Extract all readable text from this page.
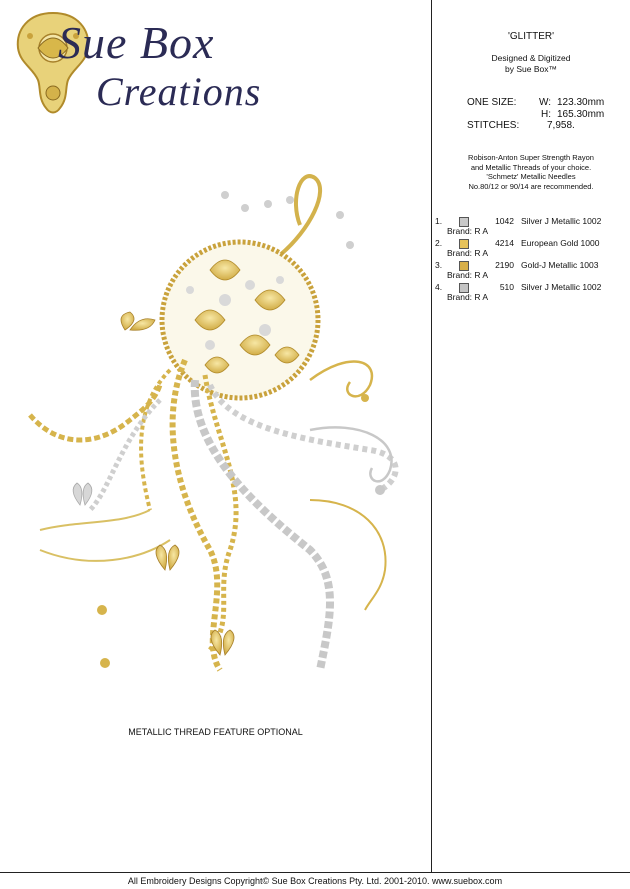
Sue Box
Creations
METALLIC THREAD FEATURE OPTIONAL
'GLITTER'
Designed & Digitized
by Sue Box™
ONE SIZE:	W: 123.30mm
H: 165.30mm
STITCHES:	7,958.
Robison-Anton Super Strength Rayon
and Metallic Threads of your choice.
'Schmetz' Metallic Needles
No.80/12 or 90/14 are recommended.
1.	1042 Silver J Metallic 1002
Brand: R A
2.	4214 European Gold 1000
Brand: R A
3.	2190 Gold-J Metallic 1003
Brand: R A
4.	510 Silver J Metallic 1002
Brand: R A
All Embroidery Designs Copyright© Sue Box Creations Pty. Ltd. 2001-2010. www.suebox.com
